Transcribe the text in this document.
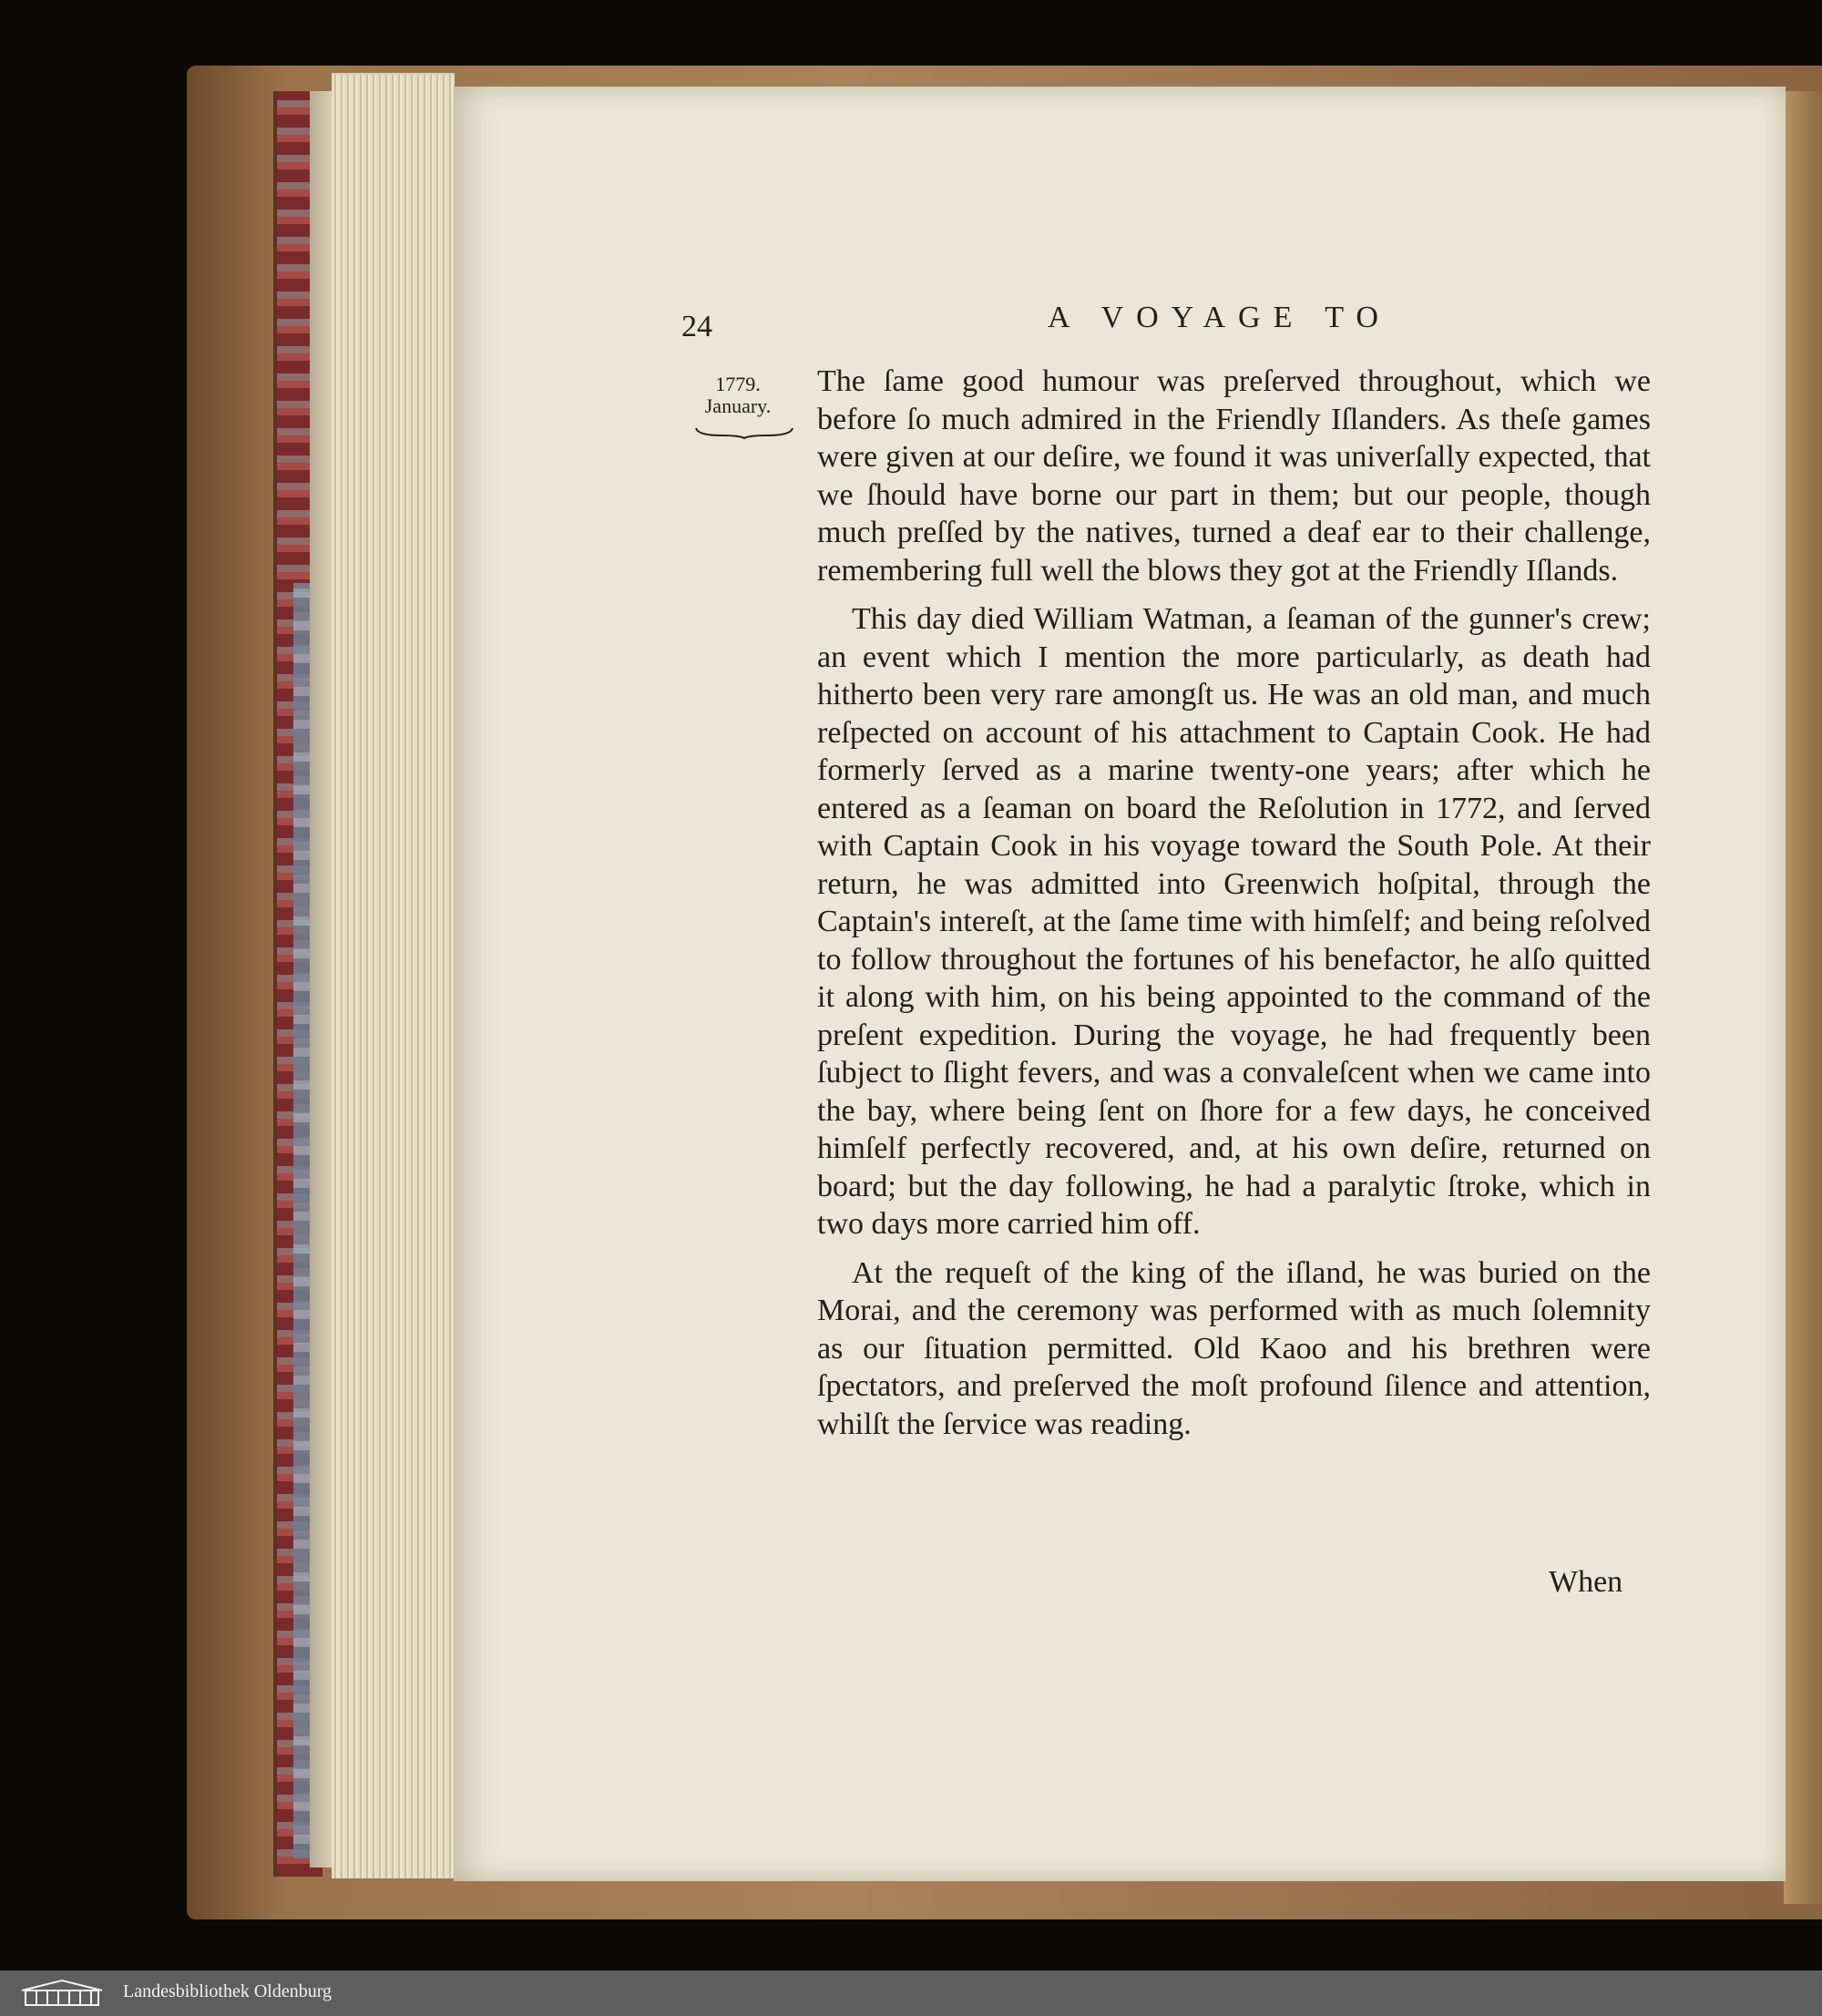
24	A VOYAGE TO
1779.
January.

The ſame good humour was preſerved throughout, which we before ſo much admired in the Friendly Iſlanders. As theſe games were given at our deſire, we found it was univerſally expected, that we ſhould have borne our part in them; but our people, though much preſſed by the natives, turned a deaf ear to their challenge, remembering full well the blows they got at the Friendly Iſlands.

This day died William Watman, a ſeaman of the gunner's crew; an event which I mention the more particularly, as death had hitherto been very rare amongſt us. He was an old man, and much reſpected on account of his attachment to Captain Cook. He had formerly ſerved as a marine twenty-one years; after which he entered as a ſeaman on board the Reſolution in 1772, and ſerved with Captain Cook in his voyage toward the South Pole. At their return, he was admitted into Greenwich hoſpital, through the Captain's intereſt, at the ſame time with himſelf; and being reſolved to follow throughout the fortunes of his benefactor, he alſo quitted it along with him, on his being appointed to the command of the preſent expedition. During the voyage, he had frequently been ſubject to ſlight fevers, and was a convaleſcent when we came into the bay, where being ſent on ſhore for a few days, he conceived himſelf perfectly recovered, and, at his own deſire, returned on board; but the day following, he had a paralytic ſtroke, which in two days more carried him off.

At the requeſt of the king of the iſland, he was buried on the Morai, and the ceremony was performed with as much ſolemnity as our ſituation permitted. Old Kaoo and his brethren were ſpectators, and preſerved the moſt profound ſilence and attention, whilſt the ſervice was reading.

When
Landesbibliothek Oldenburg
